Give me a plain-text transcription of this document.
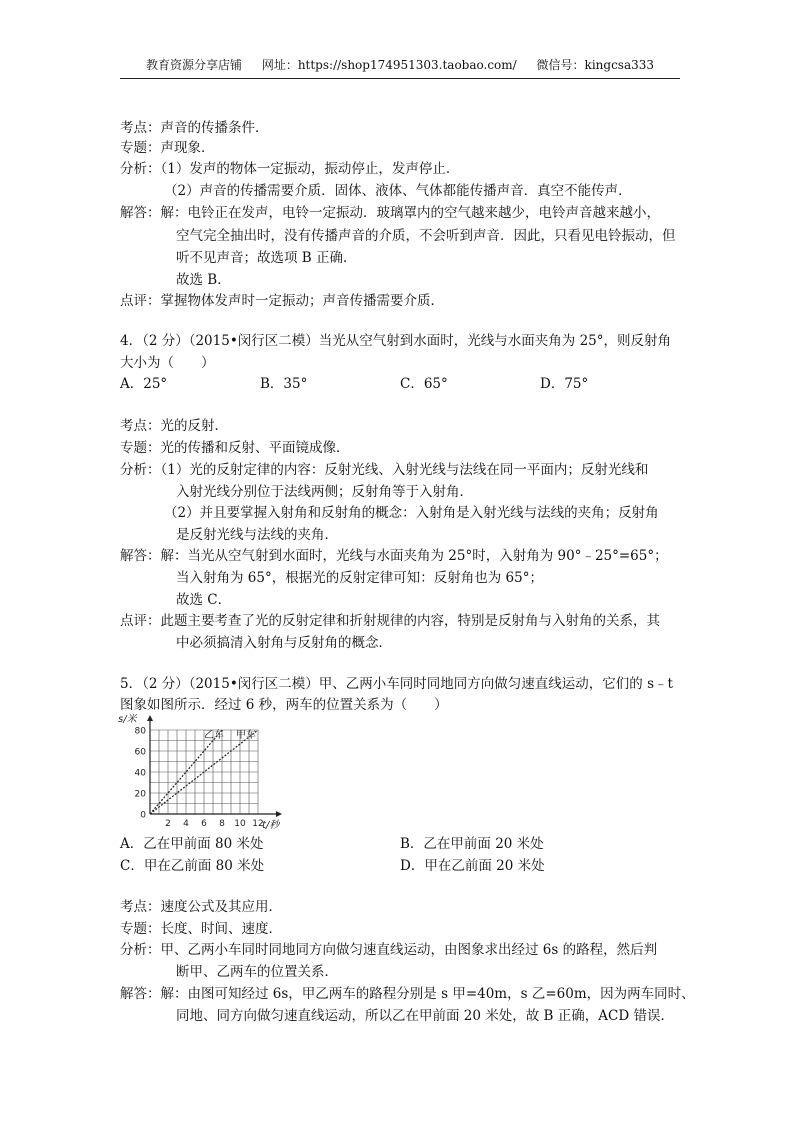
教育资源分享店铺 网址：https://shop174951303.taobao.com/ 微信号：kingcsa333
考点：声音的传播条件．
专题：声现象．
分析：（1）发声的物体一定振动，振动停止，发声停止．
（2）声音的传播需要介质．固体、液体、气体都能传播声音．真空不能传声．
解答：解：电铃正在发声，电铃一定振动．玻璃罩内的空气越来越少，电铃声音越来越小，
空气完全抽出时，没有传播声音的介质，不会听到声音．因此，只看见电铃振动，但
听不见声音；故选项 B 正确．
故选 B．
点评：掌握物体发声时一定振动；声音传播需要介质．
4．（2 分）（2015•闵行区二模）当光从空气射到水面时，光线与水面夹角为 25°，则反射角
大小为（　　）
A．25°	B．35°	C．65°	D．75°
考点：光的反射．
专题：光的传播和反射、平面镜成像．
分析：（1）光的反射定律的内容：反射光线、入射光线与法线在同一平面内；反射光线和
入射光线分别位于法线两侧；反射角等于入射角．
（2）并且要掌握入射角和反射角的概念：入射角是入射光线与法线的夹角；反射角
是反射光线与法线的夹角．
解答：解：当光从空气射到水面时，光线与水面夹角为 25°时，入射角为 90°﹣25°=65°；
当入射角为 65°，根据光的反射定律可知：反射角也为 65°；
故选 C．
点评：此题主要考查了光的反射定律和折射规律的内容，特别是反射角与入射角的关系，其
中必须搞清入射角与反射角的概念．
5．（2 分）（2015•闵行区二模）甲、乙两小车同时同地同方向做匀速直线运动，它们的 s﹣t
图象如图所示．经过 6 秒，两车的位置关系为（　　）
s/米
t/秒
0
20
40
60
80
2 4 6 8 10 12
乙车 甲车
A．乙在甲前面 80 米处	B．乙在甲前面 20 米处
C．甲在乙前面 80 米处	D．甲在乙前面 20 米处
考点：速度公式及其应用．
专题：长度、时间、速度．
分析：甲、乙两小车同时同地同方向做匀速直线运动，由图象求出经过 6s 的路程，然后判
断甲、乙两车的位置关系．
解答：解：由图可知经过 6s，甲乙两车的路程分别是 s 甲=40m，s 乙=60m，因为两车同时、
同地、同方向做匀速直线运动，所以乙在甲前面 20 米处，故 B 正确，ACD 错误．
